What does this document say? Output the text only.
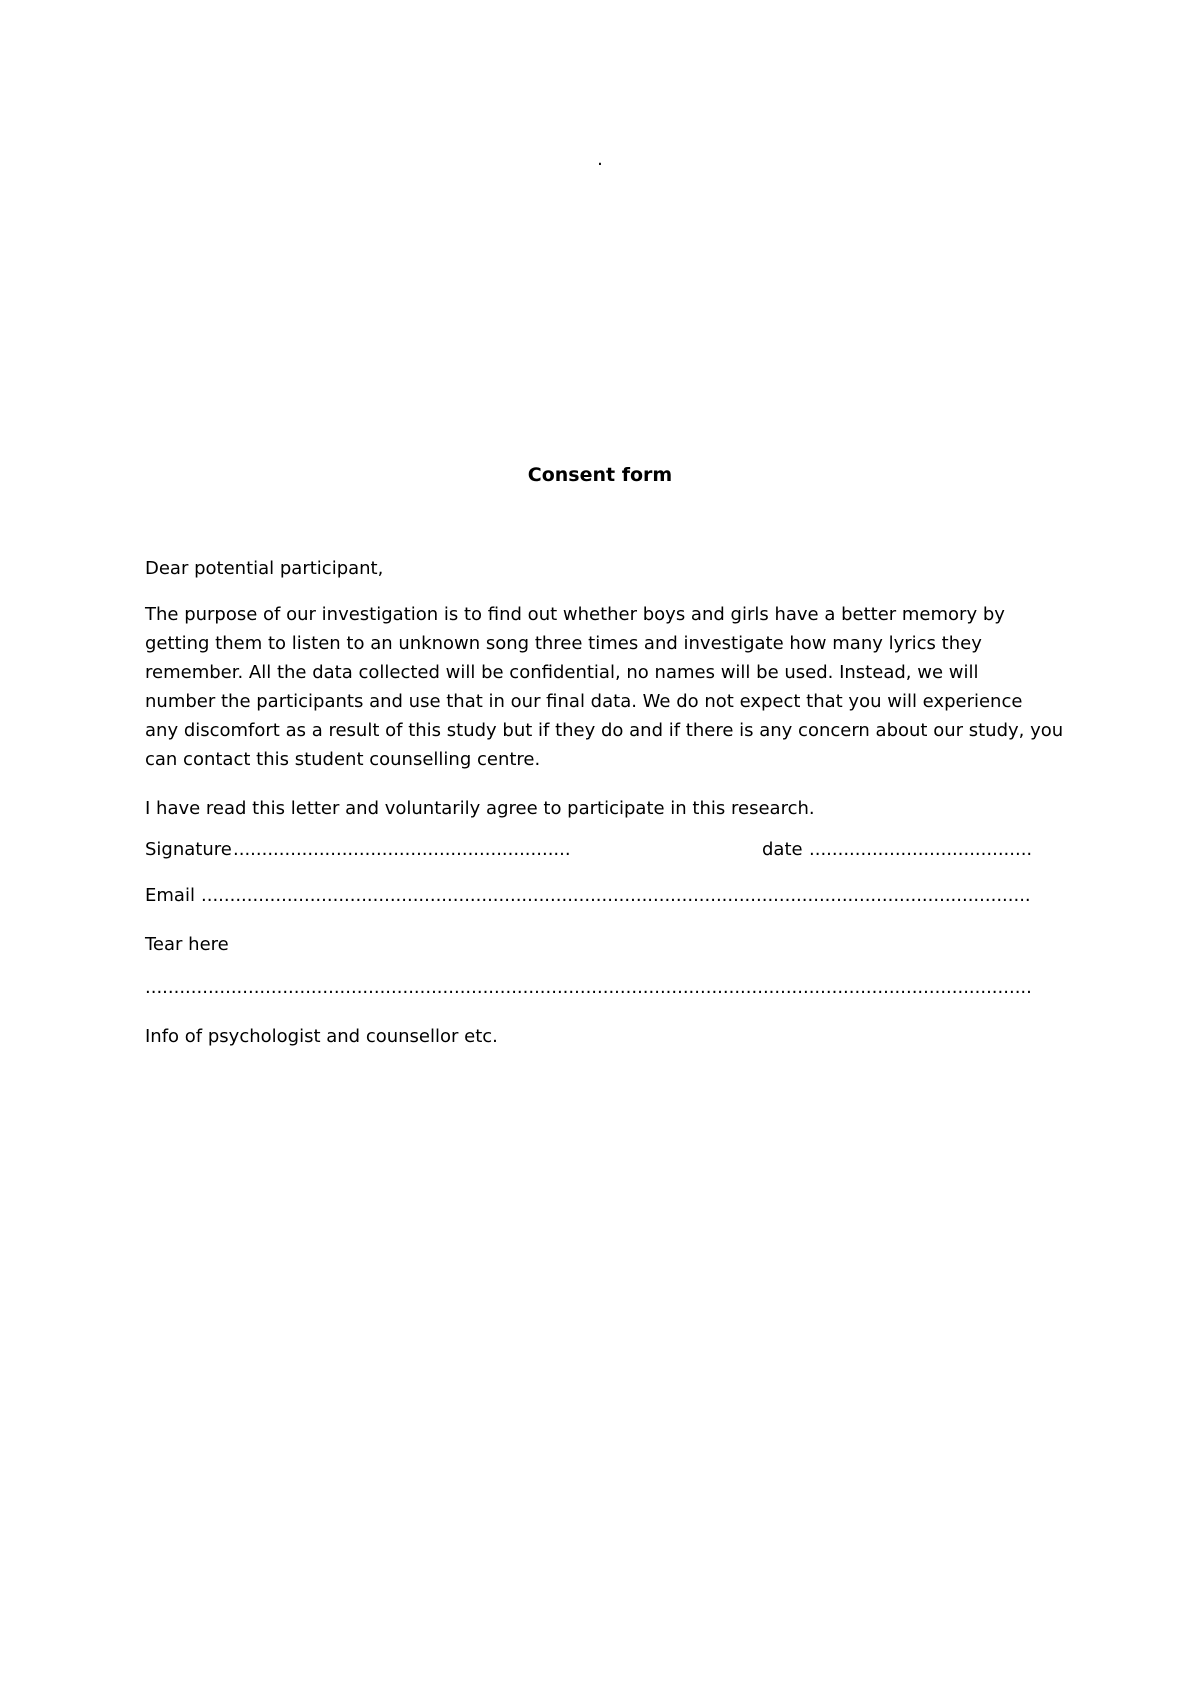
.
Consent form
Dear potential participant,
The purpose of our investigation is to find out whether boys and girls have a better memory by
getting them to listen to an unknown song three times and investigate how many lyrics they
remember. All the data collected will be confidential, no names will be used. Instead, we will
number the participants and use that in our final data. We do not expect that you will experience
any discomfort as a result of this study but if they do and if there is any concern about our study, you
can contact this student counselling centre.
I have read this letter and voluntarily agree to participate in this research.
Signature
.....	date
.....
Email
.....
Tear here
.....
Info of psychologist and counsellor etc.
